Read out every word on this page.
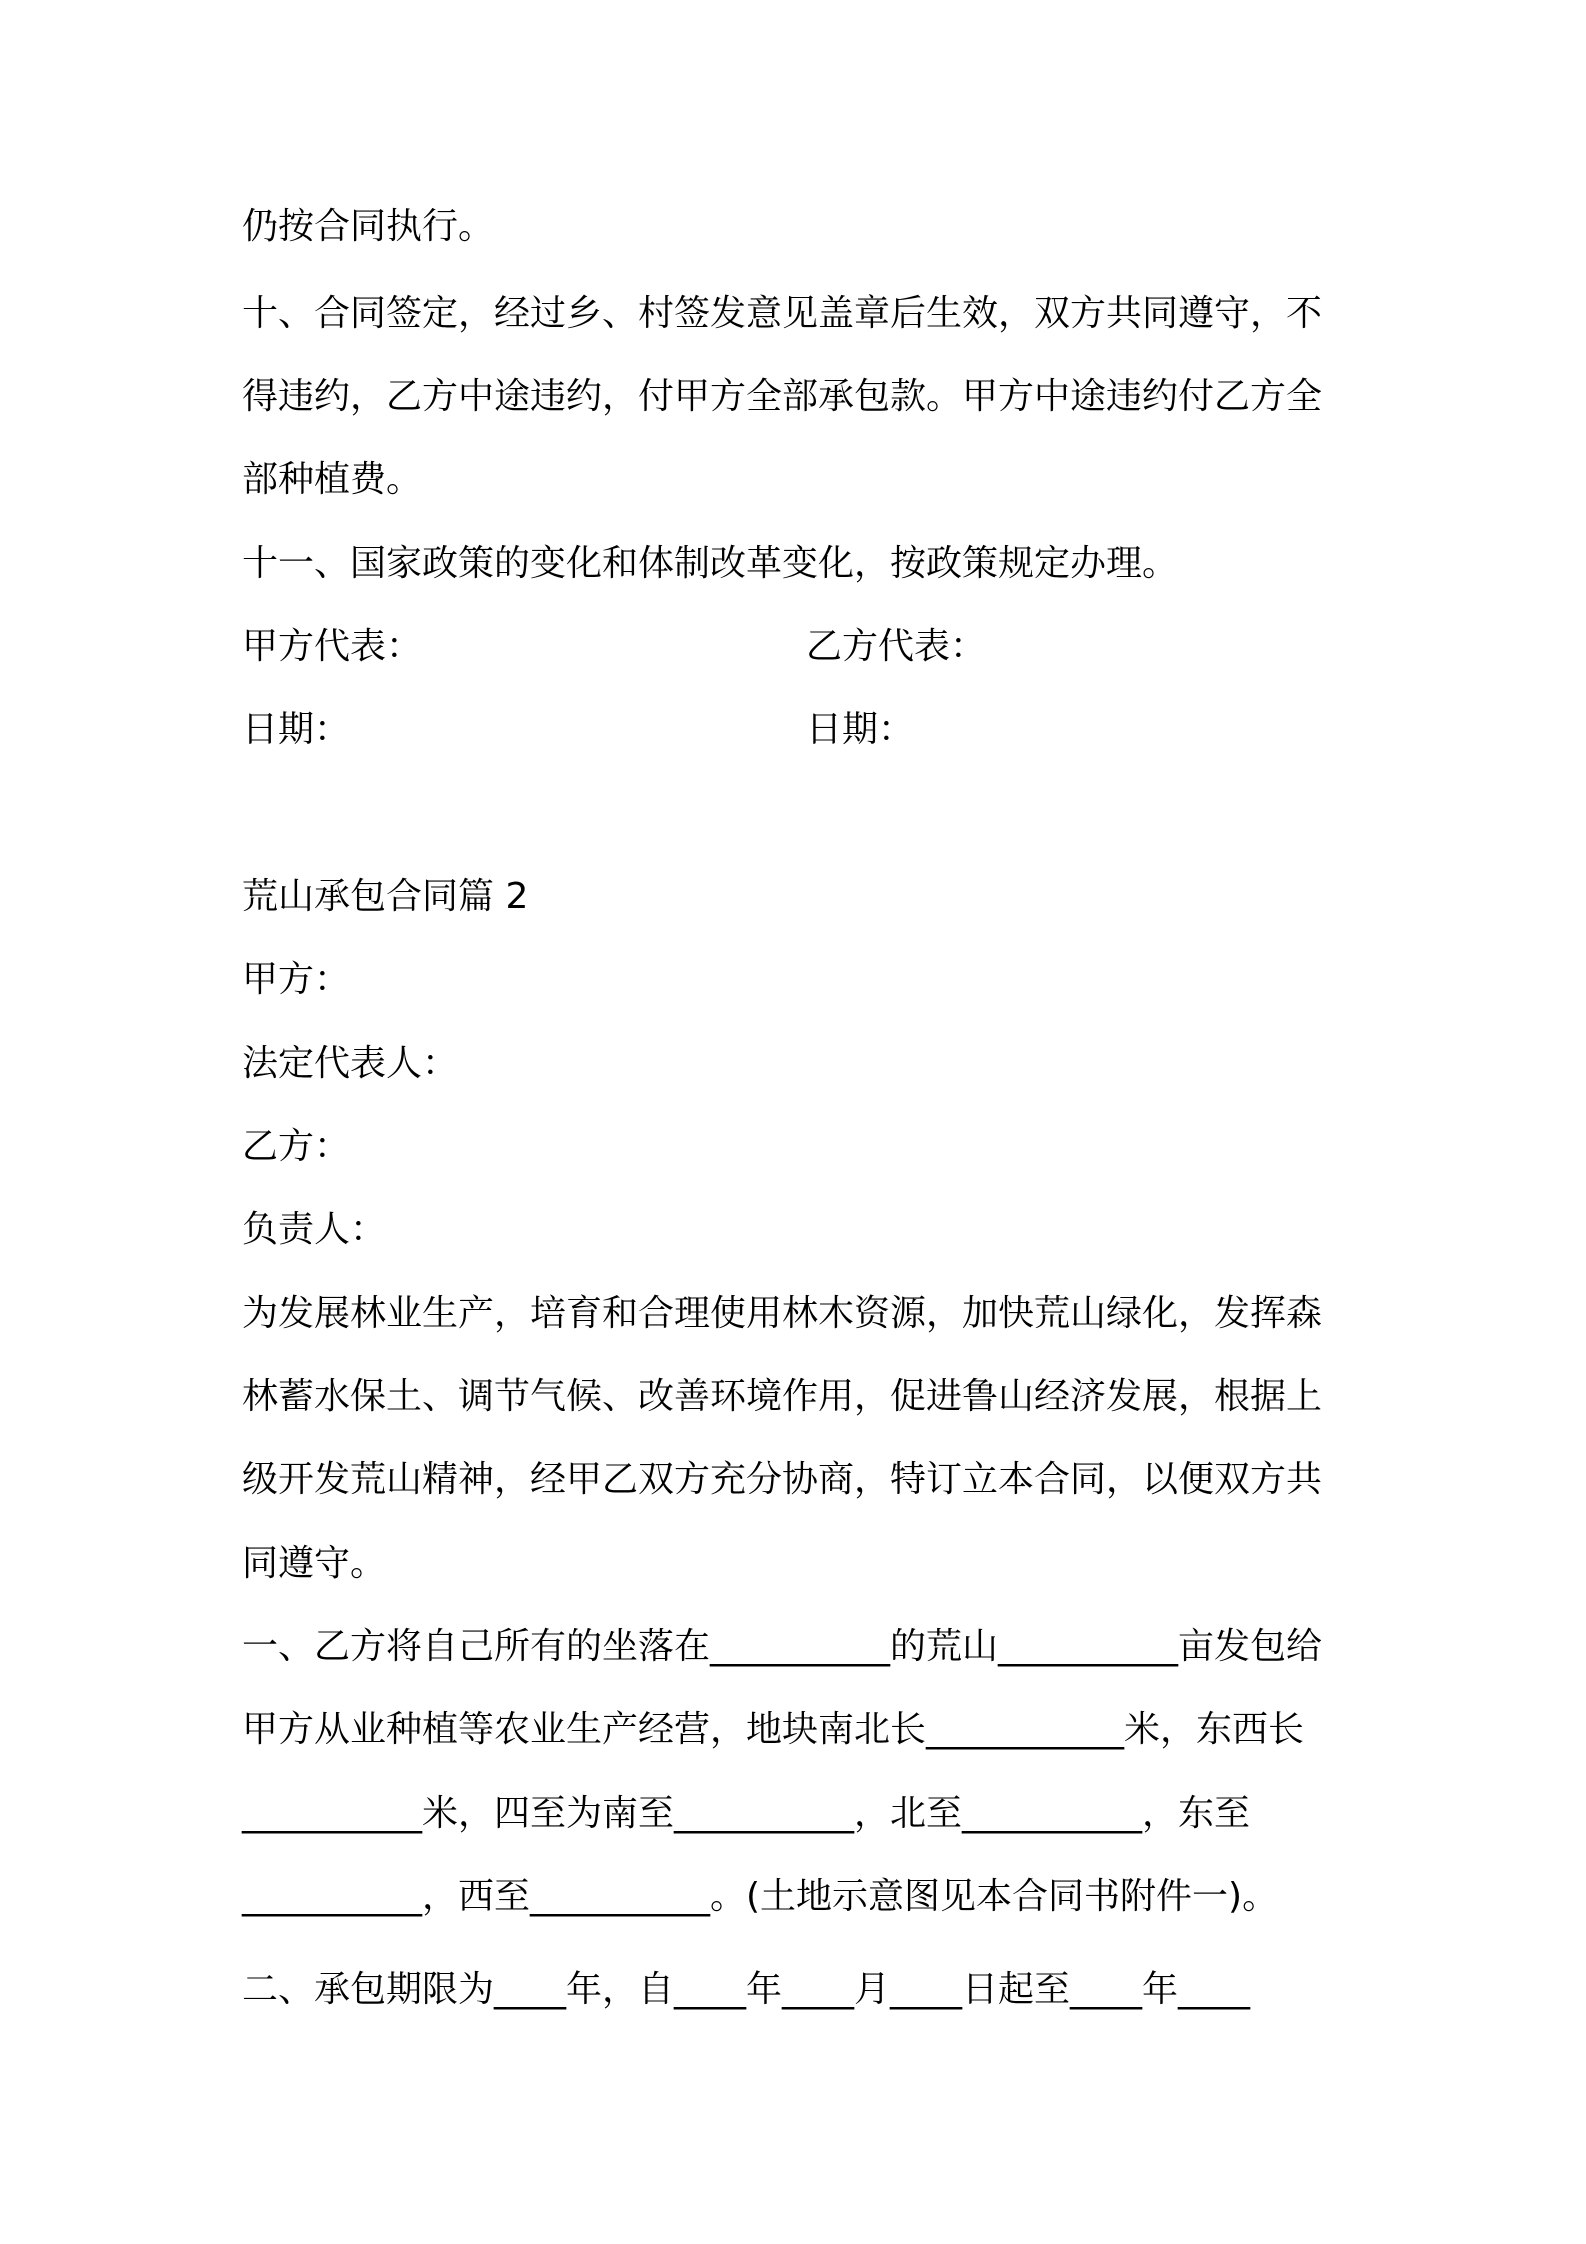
仍按合同执行。
十、合同签定，经过乡、村签发意见盖章后生效，双方共同遵守，不
得违约，乙方中途违约，付甲方全部承包款。甲方中途违约付乙方全
部种植费。
十一、国家政策的变化和体制改革变化，按政策规定办理。
甲方代表：	乙方代表：
日期：	日期：
荒山承包合同篇 2
甲方：
法定代表人：
乙方：
负责人：
为发展林业生产，培育和合理使用林木资源，加快荒山绿化，发挥森
林蓄水保土、调节气候、改善环境作用，促进鲁山经济发展，根据上
级开发荒山精神，经甲乙双方充分协商，特订立本合同，以便双方共
同遵守。
一、乙方将自己所有的坐落在__________的荒山__________亩发包给
甲方从业种植等农业生产经营，地块南北长___________米，东西长
__________米，四至为南至__________，北至__________，东至
__________，西至__________。(土地示意图见本合同书附件一)。
二、承包期限为____年，自____年____月____日起至____年____
